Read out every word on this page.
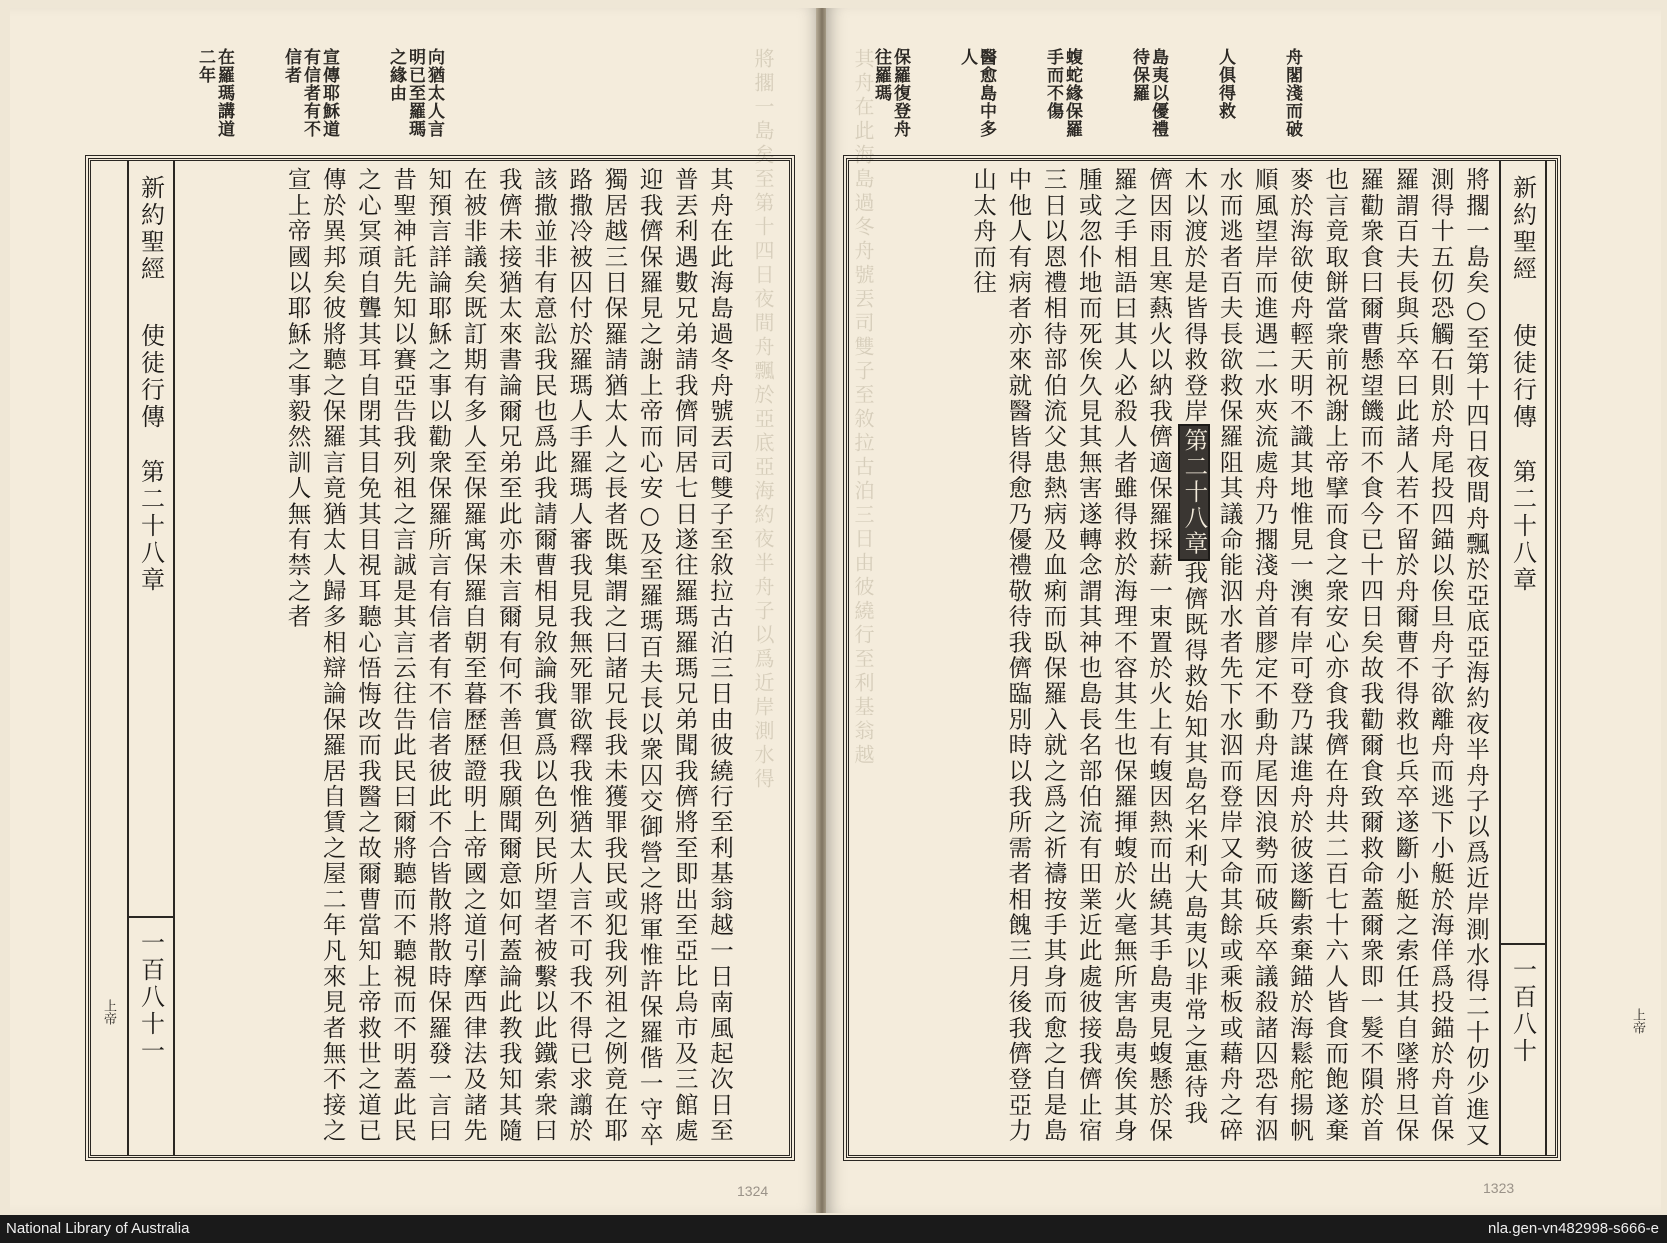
將擱一島矣至第十四日夜間舟飄於亞底亞海約夜半舟子以爲近岸測水得
向猶太人言明已至羅瑪之緣由
宣傳耶穌道有信者有不信者
在羅瑪講道二年
其舟在此海島過冬舟號丟司雙子至敘拉古泊三日由彼繞行至利基翁越一日南風起次日至普丟利遇數兄弟請我儕同居七日遂往羅瑪羅瑪兄弟聞我儕將至即出至亞比烏市及三館處迎我儕保羅見之謝上帝而心安○及至羅瑪百夫長以衆囚交御營之將軍惟許保羅偕一守卒獨居越三日保羅請猶太人之長者既集謂之曰諸兄長我未獲罪我民或犯我列祖之例竟在耶路撒冷被囚付於羅瑪人手羅瑪人審我見我無死罪欲釋我惟猶太人言不可我不得已求譾於該撒並非有意訟我民也爲此我請爾曹相見敘論我實爲以色列民所望者被繫以此鐵索衆曰我儕未接猶太來書論爾兄弟至此亦未言爾有何不善但我願聞爾意如何蓋論此教我知其隨在被非議矣既訂期有多人至保羅寓保羅自朝至暮歷歷證明上帝國之道引摩西律法及諸先知預言詳論耶穌之事以勸衆保羅所言有信者有不信者彼此不合皆散將散時保羅發一言曰昔聖神託先知以賽亞告我列祖之言誠是其言云往告此民曰爾將聽而不聽視而不明蓋此民之心冥頑自聾其耳自閉其目免其目視耳聽心悟悔改而我醫之故爾曹當知上帝救世之道已傳於異邦矣彼將聽之保羅言竟猶太人歸多相辯論保羅居自賃之屋二年凡來見者無不接之宣上帝國以耶穌之事毅然訓人無有禁之者
新約聖經
使徒行傳
第二十八章
一百八十一
上帝
其舟在此海島過冬舟號丟司雙子至敘拉古泊三日由彼繞行至利基翁越	舟閣淺而破
人俱得救
島夷以優禮待保羅
蝮蛇緣保羅手而不傷
醫愈島中多人
保羅復登舟往羅瑪
將擱一島矣○至第十四日夜間舟飄於亞底亞海約夜半舟子以爲近岸測水得二十仞少進又測得十五仞恐觸石則於舟尾投四錨以俟旦舟子欲離舟而逃下小艇於海佯爲投錨於舟首保羅謂百夫長與兵卒曰此諸人若不留於舟爾曹不得救也兵卒遂斷小艇之索任其自墜將旦保羅勸衆食曰爾曹懸望饑而不食今已十四日矣故我勸爾食致爾救命蓋爾衆即一髮不隕於首也言竟取餅當衆前祝謝上帝擘而食之衆安心亦食我儕在舟共二百七十六人皆食而飽遂棄麥於海欲使舟輕天明不識其地惟見一澳有岸可登乃謀進舟於彼遂斷索棄錨於海鬆舵揚帆順風望岸而進遇二水夾流處舟乃擱淺舟首膠定不動舟尾因浪勢而破兵卒議殺諸囚恐有泅水而逃者百夫長欲救保羅阻其議命能泅水者先下水泅而登岸又命其餘或乘板或藉舟之碎木以渡於是皆得救登岸第二十八章我儕既得救始知其島名米利大島夷以非常之惠待我儕因雨且寒爇火以納我儕適保羅採薪一束置於火上有蝮因熱而出繞其手島夷見蝮懸於保羅之手相語曰其人必殺人者雖得救於海理不容其生也保羅揮蝮於火毫無所害島夷俟其身腫或忽仆地而死俟久見其無害遂轉念謂其神也島長名部伯流有田業近此處彼接我儕止宿三日以恩禮相待部伯流父患熱病及血痢而臥保羅入就之爲之祈禱按手其身而愈之自是島中他人有病者亦來就醫皆得愈乃優禮敬待我儕臨別時以我所需者相餽三月後我儕登亞力山太舟而往	新約聖經
使徒行傳
第二十八章
一百八十	上帝
1324	1323
National Library of Australia	nla.gen-vn482998-s666-e
